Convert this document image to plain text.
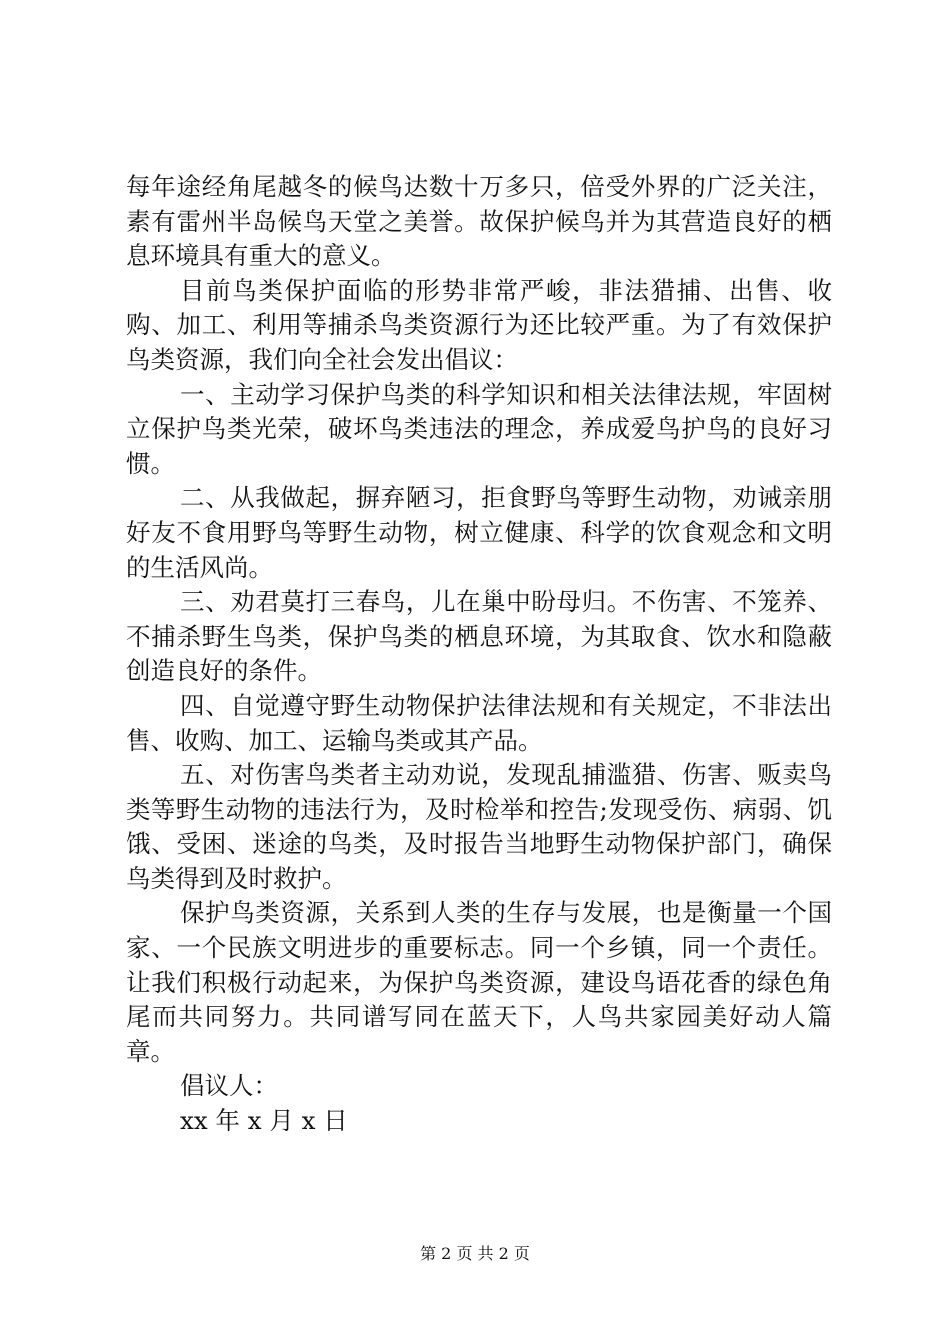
每年途经角尾越冬的候鸟达数十万多只，倍受外界的广泛关注，素有雷州半岛候鸟天堂之美誉。故保护候鸟并为其营造良好的栖息环境具有重大的意义。

目前鸟类保护面临的形势非常严峻，非法猎捕、出售、收购、加工、利用等捕杀鸟类资源行为还比较严重。为了有效保护鸟类资源，我们向全社会发出倡议：

一、主动学习保护鸟类的科学知识和相关法律法规，牢固树立保护鸟类光荣，破坏鸟类违法的理念，养成爱鸟护鸟的良好习惯。

二、从我做起，摒弃陋习，拒食野鸟等野生动物，劝诫亲朋好友不食用野鸟等野生动物，树立健康、科学的饮食观念和文明的生活风尚。

三、劝君莫打三春鸟，儿在巢中盼母归。不伤害、不笼养、不捕杀野生鸟类，保护鸟类的栖息环境，为其取食、饮水和隐蔽创造良好的条件。

四、自觉遵守野生动物保护法律法规和有关规定，不非法出售、收购、加工、运输鸟类或其产品。

五、对伤害鸟类者主动劝说，发现乱捕滥猎、伤害、贩卖鸟类等野生动物的违法行为，及时检举和控告;发现受伤、病弱、饥饿、受困、迷途的鸟类，及时报告当地野生动物保护部门，确保鸟类得到及时救护。

保护鸟类资源，关系到人类的生存与发展，也是衡量一个国家、一个民族文明进步的重要标志。同一个乡镇，同一个责任。让我们积极行动起来，为保护鸟类资源，建设鸟语花香的绿色角尾而共同努力。共同谱写同在蓝天下，人鸟共家园美好动人篇章。

倡议人：

xx 年 x 月 x 日

第 2 页 共 2 页
